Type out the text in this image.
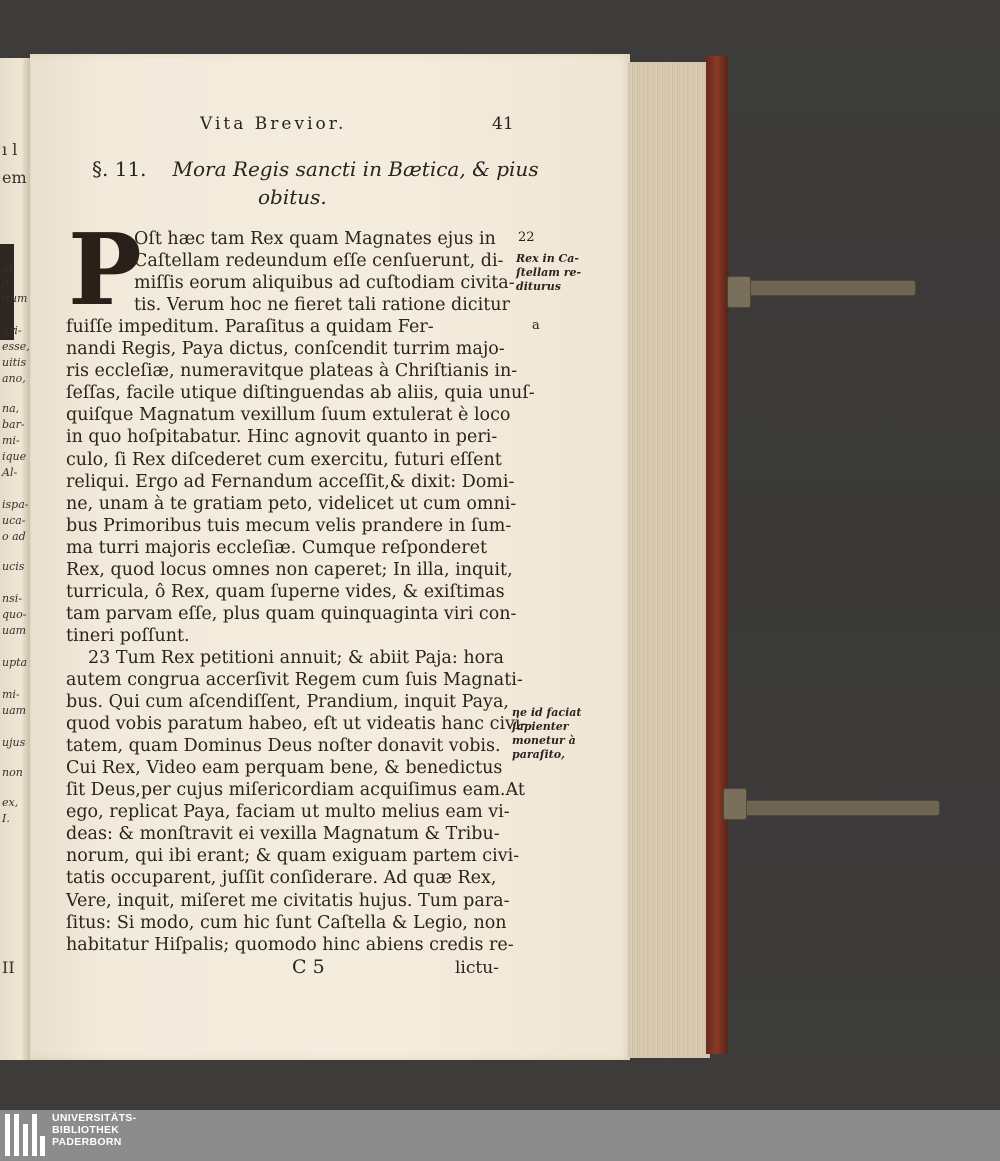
ı l
em
at
fi-
itum
uri-
esse,
uitis
ano,
na,
bar-
mi-
ique
Al-
ispa-
uca-
o ad
ucis
nsi-
quo-
uam
upta
mi-
uam
ujus
non
ex,
I.
II
Vita Brevior.	41
§. 11. Mora Regis sancti in Bætica, & pius
obitus.
P
Oſt hæc tam Rex quam Magnates ejus in
Caſtellam redeundum eſſe cenſuerunt, di-
miſſis eorum aliquibus ad cuſtodiam civita-
tis. Verum hoc ne fieret tali ratione dicitur
fuiſſe impeditum. Paraſitus a quidam Fer-
nandi Regis, Paya dictus, conſcendit turrim majo-
ris eccleſiæ, numeravitque plateas à Chriſtianis in-
ſeſſas, facile utique diſtinguendas ab aliis, quia unuſ-
quiſque Magnatum vexillum ſuum extulerat è loco
in quo hoſpitabatur. Hinc agnovit quanto in peri-
culo, ſi Rex diſcederet cum exercitu, futuri eſſent
reliqui. Ergo ad Fernandum acceſſit,& dixit: Domi-
ne, unam à te gratiam peto, videlicet ut cum omni-
bus Primoribus tuis mecum velis prandere in ſum-
ma turri majoris eccleſiæ. Cumque reſponderet
Rex, quod locus omnes non caperet; In illa, inquit,
turricula, ô Rex, quam ſuperne vides, & exiſtimas
tam parvam eſſe, plus quam quinquaginta viri con-
tineri poſſunt.
23 Tum Rex petitioni annuit; & abiit Paja: hora
autem congrua accerſivit Regem cum ſuis Magnati-
bus. Qui cum aſcendiſſent, Prandium, inquit Paya,
quod vobis paratum habeo, eſt ut videatis hanc civi-
tatem, quam Dominus Deus noſter donavit vobis.
Cui Rex, Video eam perquam bene, & benedictus
ſit Deus,per cujus miſericordiam acquiſimus eam.At
ego, replicat Paya, faciam ut multo melius eam vi-
deas: & monſtravit ei vexilla Magnatum & Tribu-
norum, qui ibi erant; & quam exiguam partem civi-
tatis occuparent, juſſit conſiderare. Ad quæ Rex,
Vere, inquit, miſeret me civitatis hujus. Tum para-
ſitus: Si modo, cum hic ſunt Caſtella & Legio, non
habitatur Hiſpalis; quomodo hinc abiens credis re-
22
Rex in Ca-
ſtellam re-
diturus
a
ne id faciat
ſapienter
monetur à
paraſito,
C 5	lictu-
UNIVERSITÄTS-
BIBLIOTHEK
PADERBORN
